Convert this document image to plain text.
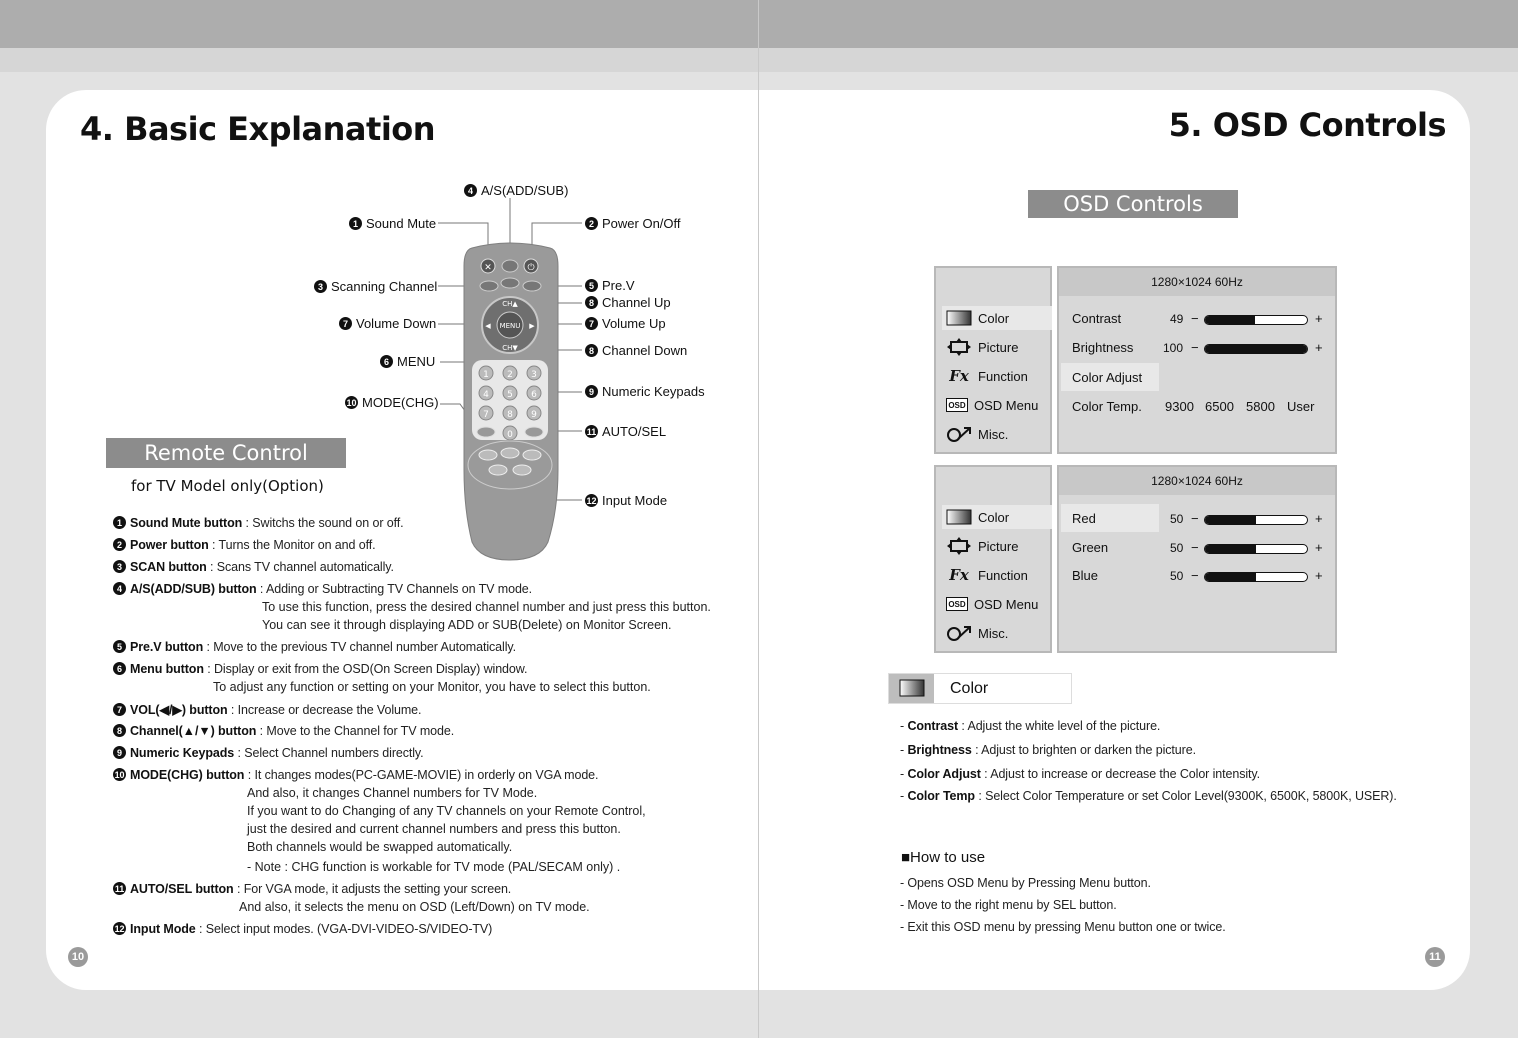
4. Basic Explanation
✕	⏻
MENU
CH▲
CH▼
◀	▶
1 2 3
4 5 6
7 8 9
0
4 A/S(ADD/SUB)
1 Sound Mute	2 Power On/Off
3 Scanning Channel	5 Pre.V
8 Channel Up
7 Volume Down	7 Volume Up
6 MENU
8 Channel Down
9 Numeric Keypads
10 MODE(CHG)
11 AUTO/SEL
12 Input Mode
Remote Control
for TV Model only(Option)
1 Sound Mute button : Switchs the sound on or off.
2 Power button : Turns the Monitor on and off.
3 SCAN button : Scans TV channel automatically.
4 A/S(ADD/SUB) button : Adding or Subtracting TV Channels on TV mode.
To use this function, press the desired channel number and just press this button.
You can see it through displaying ADD or SUB(Delete) on Monitor Screen.
5 Pre.V button : Move to the previous TV channel number Automatically.
6 Menu button : Display or exit from the OSD(On Screen Display) window.
To adjust any function or setting on your Monitor, you have to select this button.
7 VOL(◀/▶) button : Increase or decrease the Volume.
8 Channel(▲/▼) button : Move to the Channel for TV mode.
9 Numeric Keypads : Select Channel numbers directly.
10 MODE(CHG) button : It changes modes(PC-GAME-MOVIE) in orderly on VGA mode.
And also, it changes Channel numbers for TV Mode.
If you want to do Changing of any TV channels on your Remote Control,
just the desired and current channel numbers and press this button.
Both channels would be swapped automatically.
- Note : CHG function is workable for TV mode (PAL/SECAM only) .
11 AUTO/SEL button : For VGA mode, it adjusts the setting your screen.
And also, it selects the menu on OSD (Left/Down) on TV mode.
12 Input Mode : Select input modes. (VGA-DVI-VIDEO-S/VIDEO-TV)
10
5. OSD Controls
OSD Controls
Color
Picture
Fx Function
OSD OSD Menu
Misc.
1280×1024 60Hz
Contrast	49 −	+
Brightness 100 −	+
Color Adjust
Color Temp. 9300 6500 5800 User
Color
Picture
Fx Function
OSD OSD Menu
Misc.
1280×1024 60Hz
Red	50 −	+
Green	50 −	+
Blue	50 −	+
Color
- Contrast : Adjust the white level of the picture.
- Brightness : Adjust to brighten or darken the picture.
- Color Adjust : Adjust to increase or decrease the Color intensity.
- Color Temp : Select Color Temperature or set Color Level(9300K, 6500K, 5800K, USER).
■How to use
- Opens OSD Menu by Pressing Menu button.
- Move to the right menu by SEL button.
- Exit this OSD menu by pressing Menu button one or twice.
11
